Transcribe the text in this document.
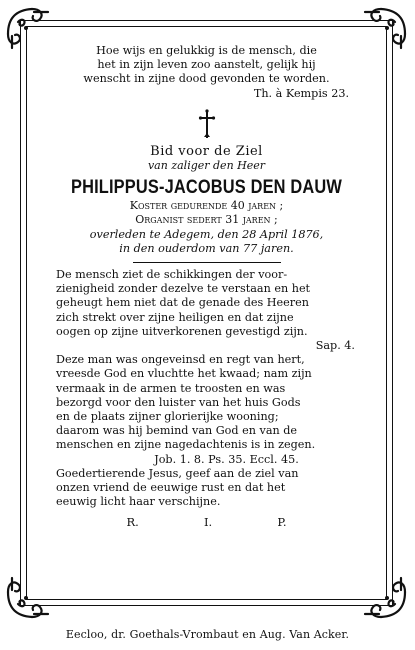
Hoe wijs en gelukkig is de mensch, die
het in zijn leven zoo aanstelt, gelijk hij
wenscht in zijne dood gevonden te worden.
Th. à Kempis 23.
Bid voor de Ziel
van zaliger den Heer
PHILIPPUS-JACOBUS DEN DAUW
Koster gedurende 40 jaren ;
Organist sedert 31 jaren ;
overleden te Adegem, den 28 April 1876,
in den ouderdom van 77 jaren.
De mensch ziet de schikkingen der voor-
zienigheid zonder dezelve te verstaan en het
geheugt hem niet dat de genade des Heeren
zich strekt over zijne heiligen en dat zijne
oogen op zijne uitverkorenen gevestigd zijn.
Sap. 4.
Deze man was ongeveinsd en regt van hert,
vreesde God en vluchtte het kwaad; nam zijn
vermaak in de armen te troosten en was
bezorgd voor den luister van het huis Gods
en de plaats zijner glorierijke wooning;
daarom was hij bemind van God en van de
menschen en zijne nagedachtenis is in zegen.
Job. 1. 8. Ps. 35. Eccl. 45.
Goedertierende Jesus, geef aan de ziel van
onzen vriend de eeuwige rust en dat het
eeuwig licht haar verschijne.
R.	I.	P.
Eecloo, dr. Goethals-Vrombaut en Aug. Van Acker.
